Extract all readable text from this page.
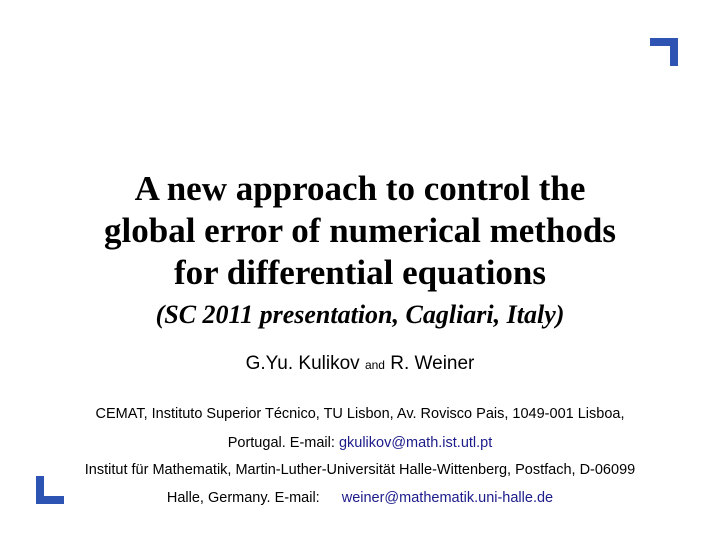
A new approach to control the
global error of numerical methods
for differential equations
(SC 2011 presentation, Cagliari, Italy)
G.Yu. Kulikov and R. Weiner
CEMAT, Instituto Superior Técnico, TU Lisbon, Av. Rovisco Pais, 1049-001 Lisboa,
Portugal. E-mail: gkulikov@math.ist.utl.pt
Institut für Mathematik, Martin-Luther-Universität Halle-Wittenberg, Postfach, D-06099
Halle, Germany. E-mail: weiner@mathematik.uni-halle.de
